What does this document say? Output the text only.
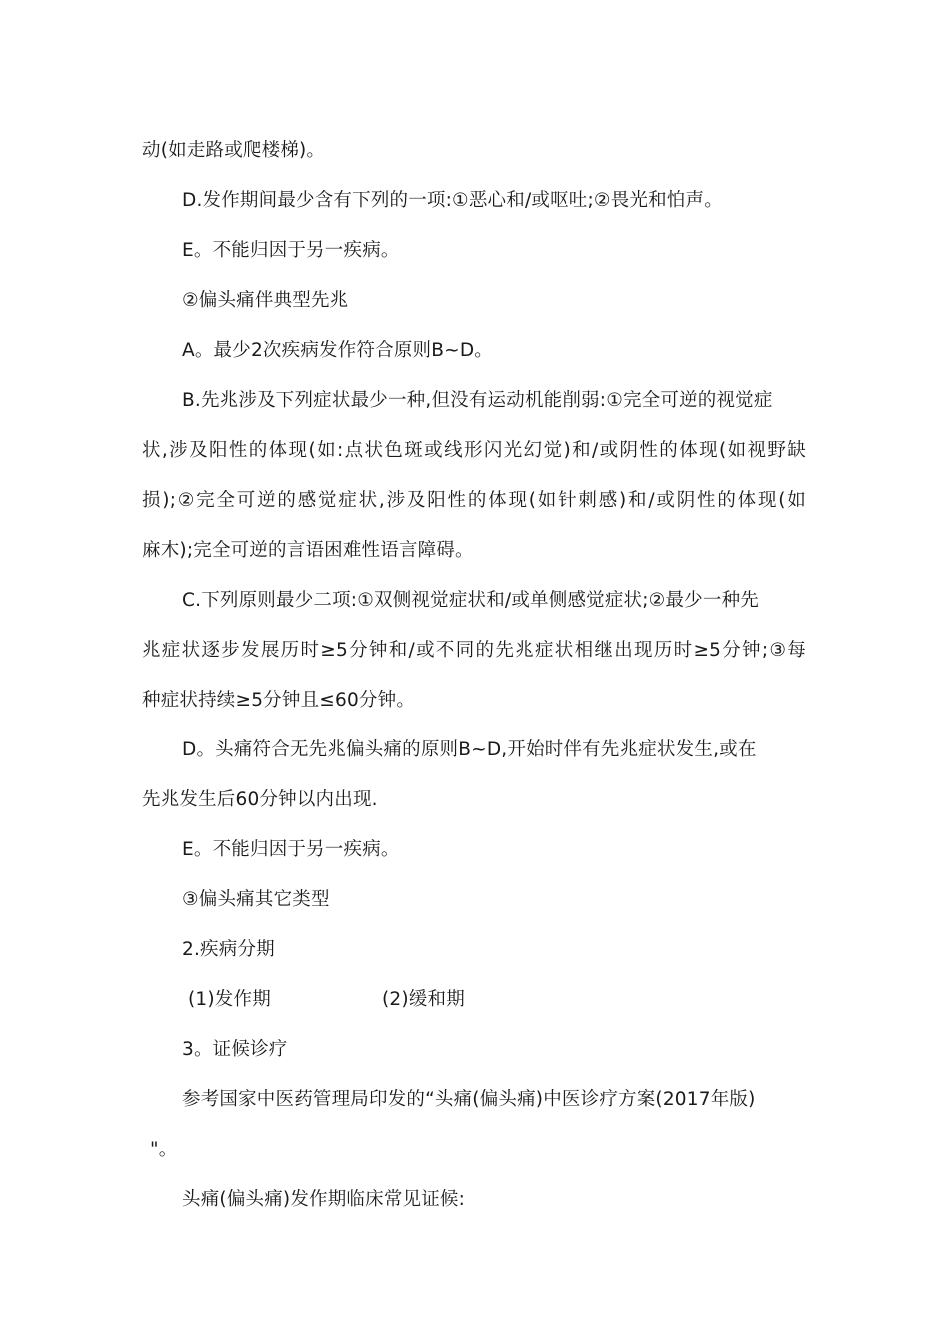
动(如走路或爬楼梯)。
D.发作期间最少含有下列的一项:①恶心和/或呕吐;②畏光和怕声。
E。不能归因于另一疾病。
②偏头痛伴典型先兆
A。最少2次疾病发作符合原则B~D。
B.先兆涉及下列症状最少一种,但没有运动机能削弱:①完全可逆的视觉症
状,涉及阳性的体现(如:点状色斑或线形闪光幻觉)和/或阴性的体现(如视野缺
损);②完全可逆的感觉症状,涉及阳性的体现(如针刺感)和/或阴性的体现(如
麻木);完全可逆的言语困难性语言障碍。
C.下列原则最少二项:①双侧视觉症状和/或单侧感觉症状;②最少一种先
兆症状逐步发展历时≥5分钟和/或不同的先兆症状相继出现历时≥5分钟;③每
种症状持续≥5分钟且≤60分钟。
D。头痛符合无先兆偏头痛的原则B~D,开始时伴有先兆症状发生,或在
先兆发生后60分钟以内出现.
E。不能归因于另一疾病。
③偏头痛其它类型
2.疾病分期
(1)发作期	(2)缓和期
3。证候诊疗
参考国家中医药管理局印发的“头痛(偏头痛)中医诊疗方案(2017年版)
"。
头痛(偏头痛)发作期临床常见证候:
